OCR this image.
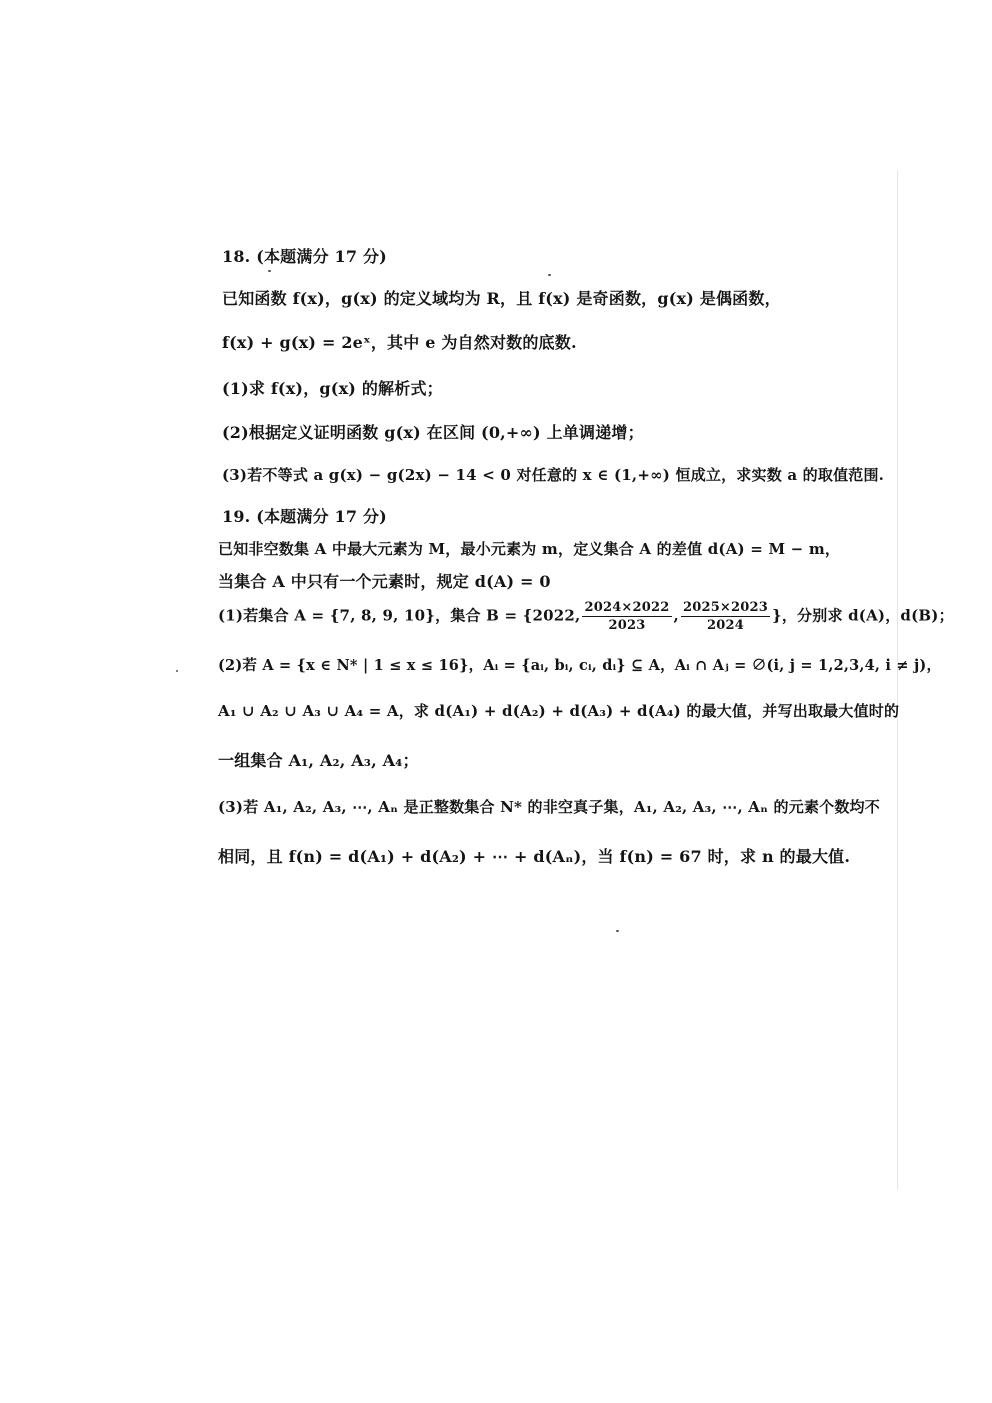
18. (本题满分 17 分)
已知函数 f(x)，g(x) 的定义域均为 R，且 f(x) 是奇函数，g(x) 是偶函数，
f(x) + g(x) = 2eˣ，其中 e 为自然对数的底数.
(1)求 f(x)，g(x) 的解析式；
(2)根据定义证明函数 g(x) 在区间 (0,+∞) 上单调递增；
(3)若不等式 a g(x) − g(2x) − 14 < 0 对任意的 x ∈ (1,+∞) 恒成立，求实数 a 的取值范围.
19. (本题满分 17 分)
已知非空数集 A 中最大元素为 M，最小元素为 m，定义集合 A 的差值 d(A) = M − m，
当集合 A 中只有一个元素时，规定 d(A) = 0
(1)若集合 A = {7, 8, 9, 10}，集合 B = {2022, $\frac{2024\times 2022}{2023}$ , $\frac{2025\times 2023}{2024}$ }，分别求 d(A)，d(B)；
(2)若 A = {x ∈ N* | 1 ≤ x ≤ 16}，Aᵢ = {aᵢ, bᵢ, cᵢ, dᵢ} ⊆ A，Aᵢ ∩ Aⱼ = ∅(i, j = 1,2,3,4, i ≠ j)，
A₁ ∪ A₂ ∪ A₃ ∪ A₄ = A，求 d(A₁) + d(A₂) + d(A₃) + d(A₄) 的最大值，并写出取最大值时的
一组集合 A₁, A₂, A₃, A₄；
(3)若 A₁, A₂, A₃, ⋯, Aₙ 是正整数集合 N* 的非空真子集，A₁, A₂, A₃, ⋯, Aₙ 的元素个数均不
相同，且 f(n) = d(A₁) + d(A₂) + ⋯ + d(Aₙ)，当 f(n) = 67 时，求 n 的最大值.
